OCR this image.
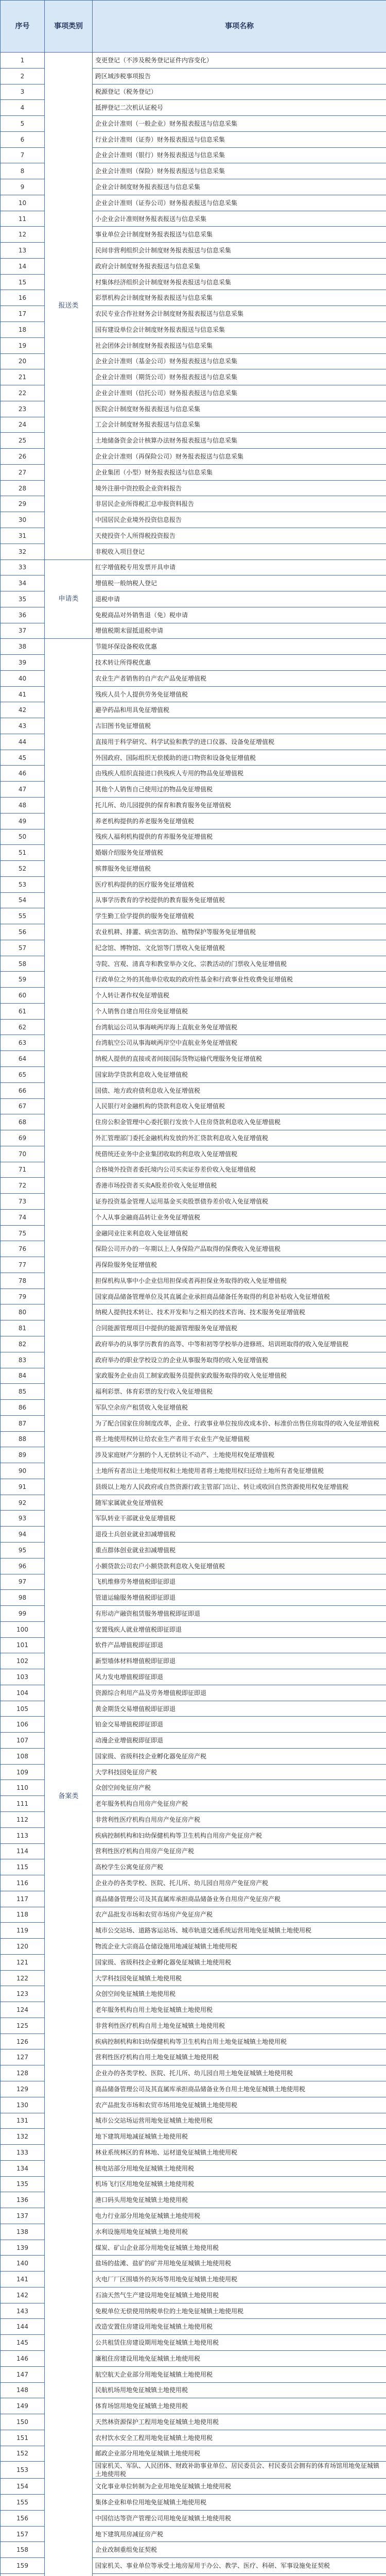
序号	事项类别	事项名称
1	报送类	变更登记（不涉及税务登记证件内容变化）
2		跨区域涉税事项报告
3		税源登记（税务登记）
4		抵押登记二次机认证税号
5		企业会计准则（一般企业）财务报表报送与信息采集
6		行业会计准则（证券）财务报表报送与信息采集
7		企业会计准则（银行）财务报表报送与信息采集
8		企业会计准则（保险）财务报表报送与信息采集
9		企业会计制度财务报表报送与信息采集
10		企业会计准则（证券公司）财务报表报送与信息采集
11		小企业会计准则财务报表报送与信息采集
12		事业单位会计制度财务报表报送与信息采集
13		民间非营利组织会计制度财务报表报送与信息采集
14		政府会计制度财务报表报送与信息采集
15		村集体经济组织会计制度财务报表报送与信息采集
16		彩票机构会计制度财务报表报送与信息采集
17		农民专业合作社财务会计制度财务报表报送与信息采集
18		国有建设单位会计制度财务报表报送与信息采集
19		社会团体会计制度财务报表报送与信息采集
20		企业会计准则（基金公司）财务报表报送与信息采集
21		企业会计准则（期货公司）财务报表报送与信息采集
22		企业会计准则（信托公司）财务报表报送与信息采集
23		医院会计制度财务报表报送与信息采集
24		工会会计制度财务报表报送与信息采集
25		土地储备资金会计核算办法财务报表报送与信息采集
26		企业会计准则（再保险公司）财务报表报送与信息采集
27		企业集团（小型）财务报表报送与信息采集
28		境外注册中资控股企业资料报告
29		非居民企业所得税汇总申报资料报告
30		中国居民企业境外投资信息报告
31		天使投资个人所得税投资报告
32		非税收入项目登记
33	申请类	红字增值税专用发票开具申请
34		增值税一般纳税人登记
35		退税申请
36		免税商品对外销售退（免）税申请
37		增值税期末留抵退税申请
38	备案类	节能环保设备税收优惠
39		技术转让所得税优惠
40		农业生产者销售的自产农产品免征增值税
41		残疾人员个人提供劳务免征增值税
42		避孕药品和用具免征增值税
43		古旧图书免征增值税
44		直接用于科学研究、科学试验和教学的进口仪器、设备免征增值税
45		外国政府、国际组织无偿援助的进口物资和设备免征增值税
46		由残疾人组织直接进口供残疾人专用的物品免征增值税
47		其他个人销售自己使用过的物品免征增值税
48		托儿所、幼儿园提供的保育和教育服务免征增值税
49		养老机构提供的养老服务免征增值税
50		残疾人福利机构提供的育养服务免征增值税
51		婚姻介绍服务免征增值税
52		殡葬服务免征增值税
53		医疗机构提供的医疗服务免征增值税
54		从事学历教育的学校提供的教育服务免征增值税
55		学生勤工俭学提供的服务免征增值税
56		农业机耕、排灌、病虫害防治、植物保护等服务免征增值税
57		纪念馆、博物馆、文化馆等门票收入免征增值税
58		寺院、宫观、清真寺和教堂举办文化、宗教活动的门票收入免征增值税
59		行政单位之外的其他单位收取的政府性基金和行政事业性收费免征增值税
60		个人转让著作权免征增值税
61		个人销售自建自用住房免征增值税
62		台湾航运公司从事海峡两岸海上直航业务免征增值税
63		台湾航空公司从事海峡两岸空中直航业务免征增值税
64		纳税人提供的直接或者间接国际货物运输代理服务免征增值税
65		国家助学贷款利息收入免征增值税
66		国债、地方政府债利息收入免征增值税
67		人民银行对金融机构的贷款利息收入免征增值税
68		住房公积金管理中心委托银行发放个人住房贷款利息收入免征增值税
69		外汇管理部门委托金融机构发放的外汇贷款利息收入免征增值税
70		统借统还业务中企业集团收取的利息收入免征增值税
71		合格境外投资者委托境内公司买卖证券差价收入免征增值税
72		香港市场投资者买卖A股差价收入免征增值税
73		证券投资基金管理人运用基金买卖股票债券差价收入免征增值税
74		个人从事金融商品转让业务免征增值税
75		金融同业往来利息收入免征增值税
76		保险公司开办的一年期以上人身保险产品取得的保费收入免征增值税
77		再保险服务免征增值税
78		担保机构从事中小企业信用担保或者再担保业务取得的收入免征增值税
79		国家商品储备管理单位及其直属企业承担商品储备任务取得的利息补贴收入免征增值税
80		纳税人提供技术转让、技术开发和与之相关的技术咨询、技术服务免征增值税
81		合同能源管理项目中提供的能源管理服务免征增值税
82		政府举办的从事学历教育的高等、中等和初等学校举办进修班、培训班取得的收入免征增值税
83		政府举办的职业学校设立的企业从事服务取得的收入免征增值税
84		家政服务企业由员工制家政服务员提供家政服务取得的收入免征增值税
85		福利彩票、体育彩票的发行收入免征增值税
86		军队空余房产租赁收入免征增值税
87		为了配合国家住房制度改革，企业、行政事业单位按房改成本价、标准价出售住房取得的收入免征增值税
88		将土地使用权转让给农业生产者用于农业生产免征增值税
89		涉及家庭财产分割的个人无偿转让不动产、土地使用权免征增值税
90		土地所有者出让土地使用权和土地使用者将土地使用权归还给土地所有者免征增值税
91		县级以上地方人民政府或自然资源行政主管部门出让、转让或收回自然资源使用权免征增值税
92		随军家属就业免征增值税
93		军队转业干部就业免征增值税
94		退役士兵创业就业扣减增值税
95		重点群体创业就业扣减增值税
96		小额贷款公司农户小额贷款利息收入免征增值税
97		飞机维修劳务增值税即征即退
98		管道运输服务增值税即征即退
99		有形动产融资租赁服务增值税即征即退
100		安置残疾人就业增值税即征即退
101		软件产品增值税即征即退
102		新型墙体材料增值税即征即退
103		风力发电增值税即征即退
104		资源综合利用产品及劳务增值税即征即退
105		黄金期货交易增值税即征即退
106		铂金交易增值税即征即退
107		动漫企业增值税即征即退
108		国家级、省级科技企业孵化器免征房产税
109		大学科技园免征房产税
110		众创空间免征房产税
111		老年服务机构自用房产免征房产税
112		非营利性医疗机构自用房产免征房产税
113		疾病控制机构和妇幼保健机构等卫生机构自用房产免征房产税
114		营利性医疗机构自用房产免征房产税
115		高校学生公寓免征房产税
116		企业办的各类学校、医院、托儿所、幼儿园自用房产免征房产税
117		商品储备管理公司及其直属库承担商品储备业务自用房产免征房产税
118		农产品批发市场和农贸市场房产免征房产税
119		城市公交站场、道路客运站场、城市轨道交通系统运营用地免征城镇土地使用税
120		物流企业大宗商品仓储设施用地减征城镇土地使用税
121		国家级、省级科技企业孵化器免征城镇土地使用税
122		大学科技园免征城镇土地使用税
123		众创空间免征城镇土地使用税
124		老年服务机构自用土地免征城镇土地使用税
125		非营利性医疗机构自用土地免征城镇土地使用税
126		疾病控制机构和妇幼保健机构等卫生机构自用土地免征城镇土地使用税
127		营利性医疗机构自用土地免征城镇土地使用税
128		企业办的各类学校、医院、托儿所、幼儿园自用土地免征城镇土地使用税
129		商品储备管理公司及其直属库承担商品储备业务自用土地免征城镇土地使用税
130		农产品批发市场和农贸市场用地免征城镇土地使用税
131		城市公交站场运营用地免征城镇土地使用税
132		地下建筑用地减征城镇土地使用税
133		林业系统林区的育林地、运材道免征城镇土地使用税
134		核电站部分用地免征城镇土地使用税
135		机场飞行区用地免征城镇土地使用税
136		港口码头用地免征城镇土地使用税
137		电力行业部分用地免征城镇土地使用税
138		水利设施用地免征城镇土地使用税
139		煤炭、矿山企业部分用地免征城镇土地使用税
140		盐场的盐滩、盐矿的矿井用地免征城镇土地使用税
141		火电厂厂区围墙外的灰场等用地免征城镇土地使用税
142		石油天然气生产建设用地免征城镇土地使用税
143		免税单位无偿使用纳税单位的土地免征城镇土地使用税
144		改造安置住房建设用地免征城镇土地使用税
145		公共租赁住房建设期用地免征城镇土地使用税
146		廉租住房建设用地免征城镇土地使用税
147		航空航天企业部分用地免征城镇土地使用税
148		民航机场用地免征城镇土地使用税
149		体育场馆用地免征城镇土地使用税
150		天然林资源保护工程用地免征城镇土地使用税
151		农村饮水安全工程用地免征城镇土地使用税
152		邮政企业部分用地免征城镇土地使用税
153		国家机关、军队、人民团体、财政补助事业单位、居民委员会、村民委员会拥有的体育场馆用地免征城镇土地使用税
154		文化事业单位转制为企业用地免征城镇土地使用税
155		集体企业和单位用地免征城镇土地使用税
156		中国信达等资产管理公司用地免征城镇土地使用税
157		地下建筑用房减征房产税
158		企业改制重组免征契税
159		国家机关、事业单位等承受土地房屋用于办公、教学、医疗、科研、军事设施免征契税
